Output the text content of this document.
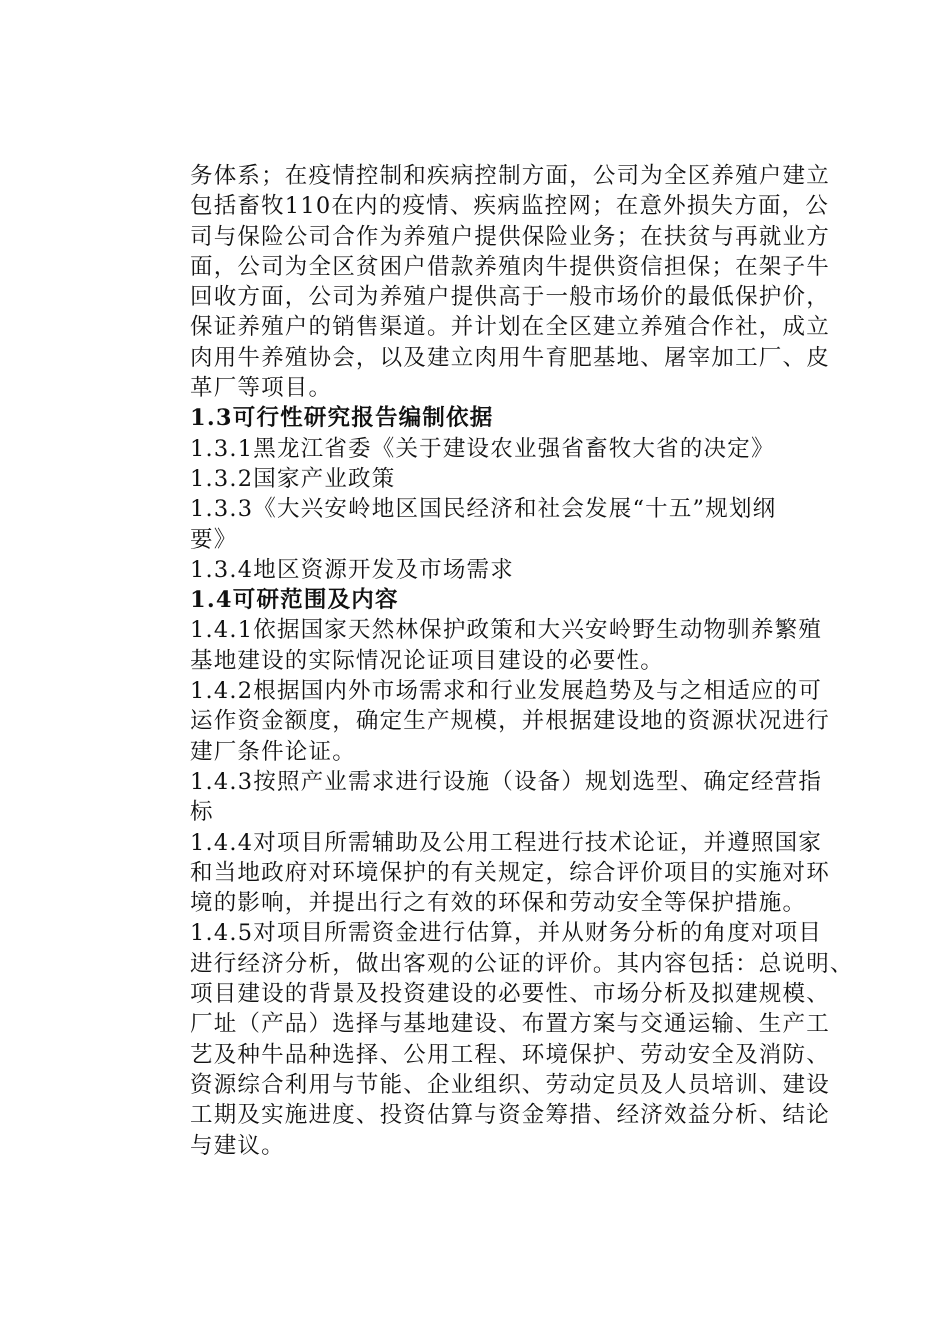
务体系；在疫情控制和疾病控制方面，公司为全区养殖户建立
包括畜牧110在内的疫情、疾病监控网；在意外损失方面，公
司与保险公司合作为养殖户提供保险业务；在扶贫与再就业方
面，公司为全区贫困户借款养殖肉牛提供资信担保；在架子牛
回收方面，公司为养殖户提供高于一般市场价的最低保护价，
保证养殖户的销售渠道。并计划在全区建立养殖合作社，成立
肉用牛养殖协会，以及建立肉用牛育肥基地、屠宰加工厂、皮
革厂等项目。
1.3可行性研究报告编制依据
1.3.1黑龙江省委《关于建设农业强省畜牧大省的决定》
1.3.2国家产业政策
1.3.3《大兴安岭地区国民经济和社会发展“十五”规划纲
要》
1.3.4地区资源开发及市场需求
1.4可研范围及内容
1.4.1依据国家天然林保护政策和大兴安岭野生动物驯养繁殖
基地建设的实际情况论证项目建设的必要性。
1.4.2根据国内外市场需求和行业发展趋势及与之相适应的可
运作资金额度，确定生产规模，并根据建设地的资源状况进行
建厂条件论证。
1.4.3按照产业需求进行设施（设备）规划选型、确定经营指
标
1.4.4对项目所需辅助及公用工程进行技术论证，并遵照国家
和当地政府对环境保护的有关规定，综合评价项目的实施对环
境的影响，并提出行之有效的环保和劳动安全等保护措施。
1.4.5对项目所需资金进行估算，并从财务分析的角度对项目
进行经济分析，做出客观的公证的评价。其内容包括：总说明、
项目建设的背景及投资建设的必要性、市场分析及拟建规模、
厂址（产品）选择与基地建设、布置方案与交通运输、生产工
艺及种牛品种选择、公用工程、环境保护、劳动安全及消防、
资源综合利用与节能、企业组织、劳动定员及人员培训、建设
工期及实施进度、投资估算与资金筹措、经济效益分析、结论
与建议。
